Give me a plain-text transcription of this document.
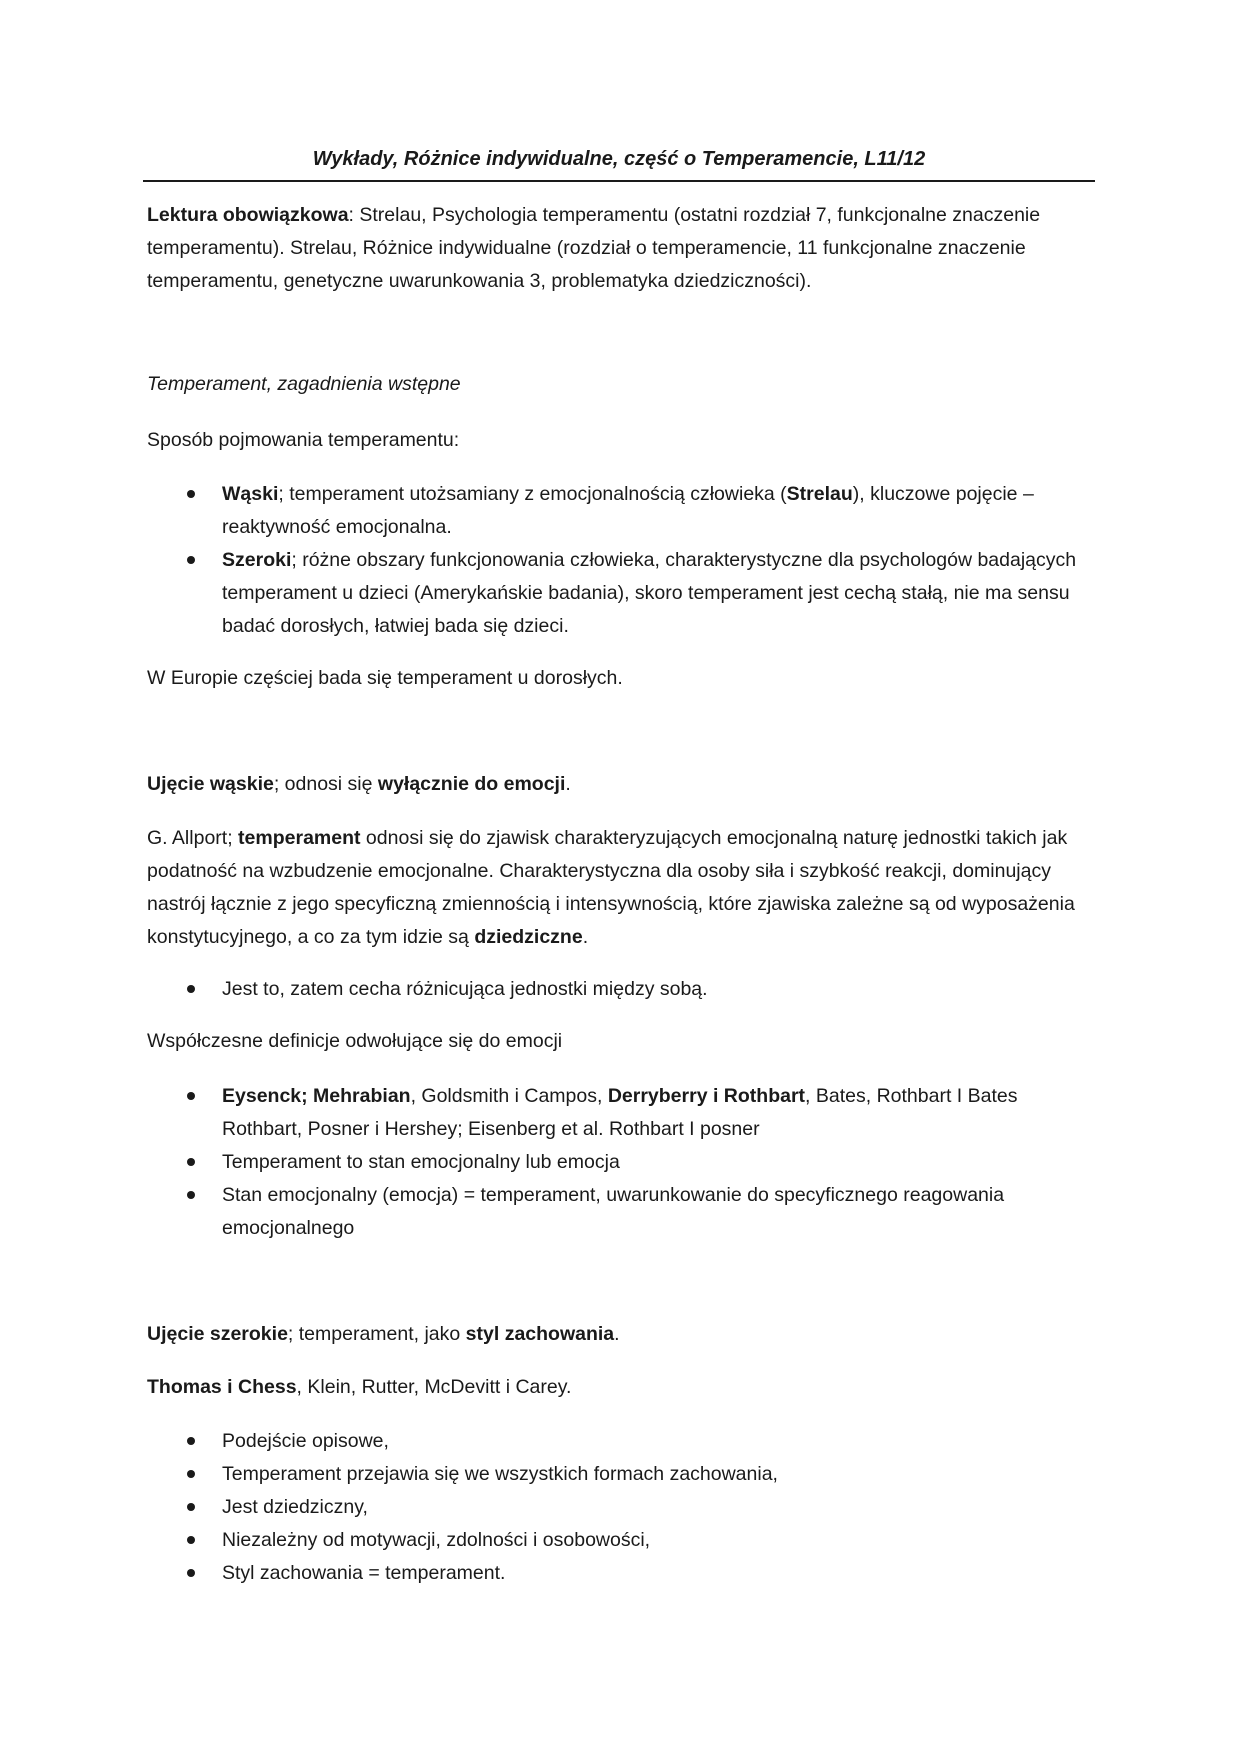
Wykłady, Różnice indywidualne, część o Temperamencie, L11/12

Lektura obowiązkowa: Strelau, Psychologia temperamentu (ostatni rozdział 7, funkcjonalne znaczenie temperamentu). Strelau, Różnice indywidualne (rozdział o temperamencie, 11 funkcjonalne znaczenie temperamentu, genetyczne uwarunkowania 3, problematyka dziedziczności).

Temperament, zagadnienia wstępne

Sposób pojmowania temperamentu:

Wąski; temperament utożsamiany z emocjonalnością człowieka (Strelau), kluczowe pojęcie – reaktywność emocjonalna.
Szeroki; różne obszary funkcjonowania człowieka, charakterystyczne dla psychologów badających temperament u dzieci (Amerykańskie badania), skoro temperament jest cechą stałą, nie ma sensu badać dorosłych, łatwiej bada się dzieci.

W Europie częściej bada się temperament u dorosłych.

Ujęcie wąskie; odnosi się wyłącznie do emocji.

G. Allport; temperament odnosi się do zjawisk charakteryzujących emocjonalną naturę jednostki takich jak podatność na wzbudzenie emocjonalne. Charakterystyczna dla osoby siła i szybkość reakcji, dominujący nastrój łącznie z jego specyficzną zmiennością i intensywnością, które zjawiska zależne są od wyposażenia konstytucyjnego, a co za tym idzie są dziedziczne.

Jest to, zatem cecha różnicująca jednostki między sobą.

Współczesne definicje odwołujące się do emocji

Eysenck; Mehrabian, Goldsmith i Campos, Derryberry i Rothbart, Bates, Rothbart I Bates Rothbart, Posner i Hershey; Eisenberg et al. Rothbart I posner
Temperament to stan emocjonalny lub emocja
Stan emocjonalny (emocja) = temperament, uwarunkowanie do specyficznego reagowania emocjonalnego

Ujęcie szerokie; temperament, jako styl zachowania.

Thomas i Chess, Klein, Rutter, McDevitt i Carey.

Podejście opisowe,
Temperament przejawia się we wszystkich formach zachowania,
Jest dziedziczny,
Niezależny od motywacji, zdolności i osobowości,
Styl zachowania = temperament.
